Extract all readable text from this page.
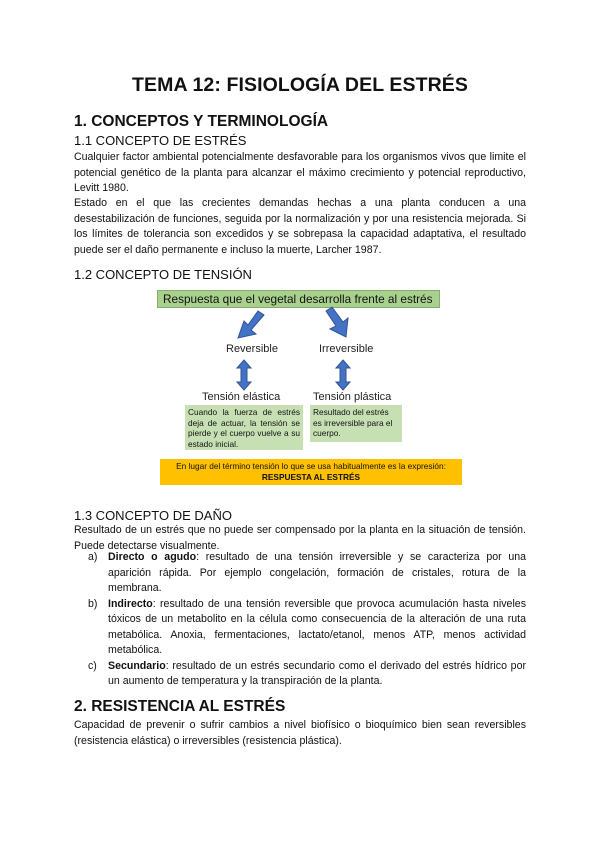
TEMA 12: FISIOLOGÍA DEL ESTRÉS
1. CONCEPTOS Y TERMINOLOGÍA
1.1 CONCEPTO DE ESTRÉS

Cualquier factor ambiental potencialmente desfavorable para los organismos vivos que limite el potencial genético de la planta para alcanzar el máximo crecimiento y potencial reproductivo, Levitt 1980.

Estado en el que las crecientes demandas hechas a una planta conducen a una desestabilización de funciones, seguida por la normalización y por una resistencia mejorada. Si los límites de tolerancia son excedidos y se sobrepasa la capacidad adaptativa, el resultado puede ser el daño permanente e incluso la muerte, Larcher 1987.

1.2 CONCEPTO DE TENSIÓN
Respuesta que el vegetal desarrolla frente al estrés
Reversible	Irreversible
Tensión elástica	Tensión plástica
Cuando la fuerza de estrés deja de actuar, la tensión se pierde y el cuerpo vuelve a su estado inicial.
Resultado del estrés es irreversible para el cuerpo.
En lugar del término tensión lo que se usa habitualmente es la expresión:
RESPUESTA AL ESTRÉS
1.3 CONCEPTO DE DAÑO

Resultado de un estrés que no puede ser compensado por la planta en la situación de tensión. Puede detectarse visualmente.

a) Directo o agudo: resultado de una tensión irreversible y se caracteriza por una aparición rápida. Por ejemplo congelación, formación de cristales, rotura de la membrana.
b) Indirecto: resultado de una tensión reversible que provoca acumulación hasta niveles tóxicos de un metabolito en la célula como consecuencia de la alteración de una ruta metabólica. Anoxia, fermentaciones, lactato/etanol, menos ATP, menos actividad metabólica.
c) Secundario: resultado de un estrés secundario como el derivado del estrés hídrico por un aumento de temperatura y la transpiración de la planta.
2. RESISTENCIA AL ESTRÉS

Capacidad de prevenir o sufrir cambios a nivel biofísico o bioquímico bien sean reversibles (resistencia elástica) o irreversibles (resistencia plástica).
